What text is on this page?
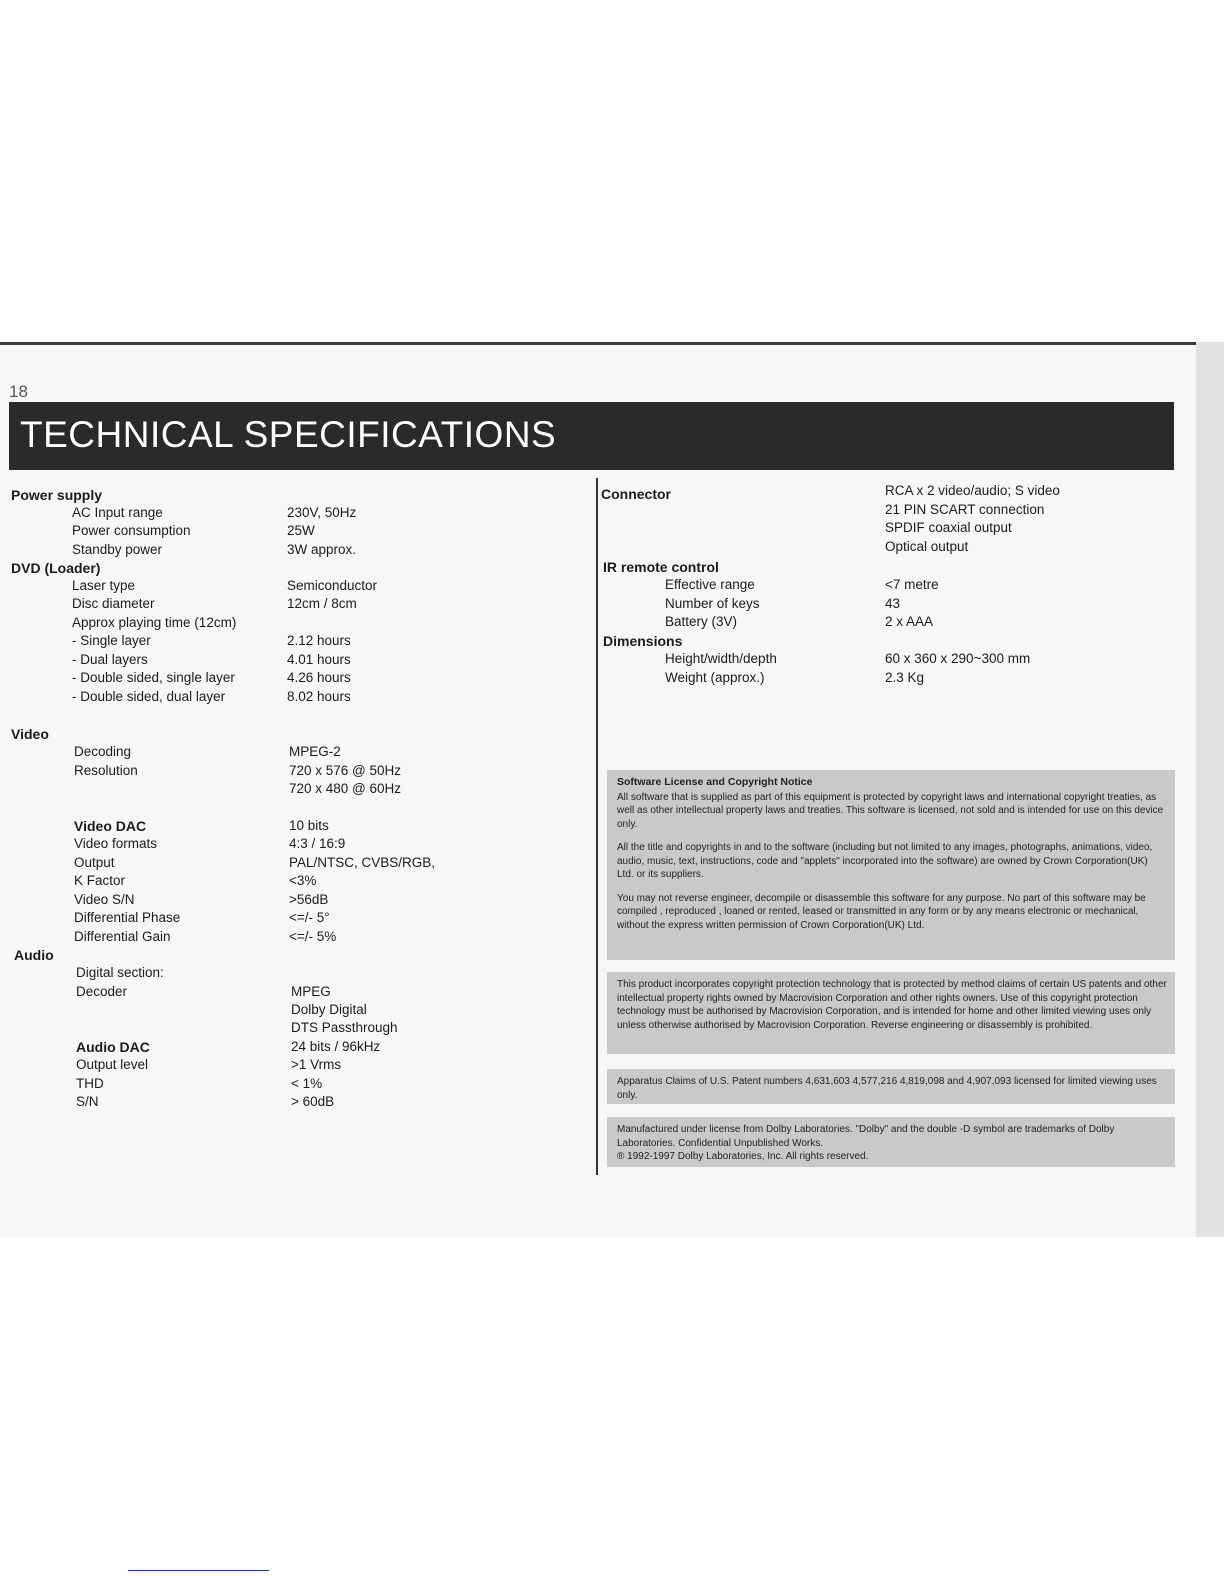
18
TECHNICAL SPECIFICATIONS
Power supply
AC Input range	230V, 50Hz
Power consumption	25W
Standby power	3W approx.
DVD (Loader)
Laser type	Semiconductor
Disc diameter	12cm / 8cm
Approx playing time (12cm)
- Single layer	2.12 hours
- Dual layers	4.01 hours
- Double sided, single layer	4.26 hours
- Double sided, dual layer	8.02 hours
Video
Decoding	MPEG-2
Resolution	720 x 576 @ 50Hz
720 x 480 @ 60Hz
Video DAC	10 bits
Video formats	4:3 / 16:9
Output	PAL/NTSC, CVBS/RGB,
K Factor	<3%
Video S/N	>56dB
Differential Phase	<=/- 5°
Differential Gain	<=/- 5%
Audio
Digital section:
Decoder	MPEG
Dolby Digital
DTS Passthrough
Audio DAC	24 bits / 96kHz
Output level	>1 Vrms
THD	< 1%
S/N	> 60dB
Connector	RCA x 2 video/audio; S video
21 PIN SCART connection
SPDIF coaxial output
Optical output
IR remote control
Effective range	<7 metre
Number of keys	43
Battery (3V)	2 x AAA
Dimensions
Height/width/depth	60 x 360 x 290~300 mm
Weight (approx.)	2.3 Kg
Software License and Copyright Notice

All software that is supplied as part of this equipment is protected by copyright laws and international copyright treaties, as well as other intellectual property laws and treaties. This software is licensed, not sold and is intended for use on this device only.

All the title and copyrights in and to the software (including but not limited to any images, photographs, animations, video, audio, music, text, instructions, code and "applets" incorporated into the software) are owned by Crown Corporation(UK) Ltd. or its suppliers.

You may not reverse engineer, decompile or disassemble this software for any purpose. No part of this software may be compiled , reproduced , loaned or rented, leased or transmitted in any form or by any means electronic or mechanical, without the express written permission of Crown Corporation(UK) Ltd.

This product incorporates copyright protection technology that is protected by method claims of certain US patents and other intellectual property rights owned by Macrovision Corporation and other rights owners. Use of this copyright protection technology must be authorised by Macrovision Corporation, and is intended for home and other limited viewing uses only unless otherwise authorised by Macrovision Corporation. Reverse engineering or disassembly is prohibited.

Apparatus Claims of U.S. Patent numbers 4,631,603 4,577,216 4,819,098 and 4,907,093 licensed for limited viewing uses only.

Manufactured under license from Dolby Laboratories. "Dolby" and the double -D symbol are trademarks of Dolby Laboratories. Confidential Unpublished Works.

® 1992-1997 Dolby Laboratories, Inc. All rights reserved.
